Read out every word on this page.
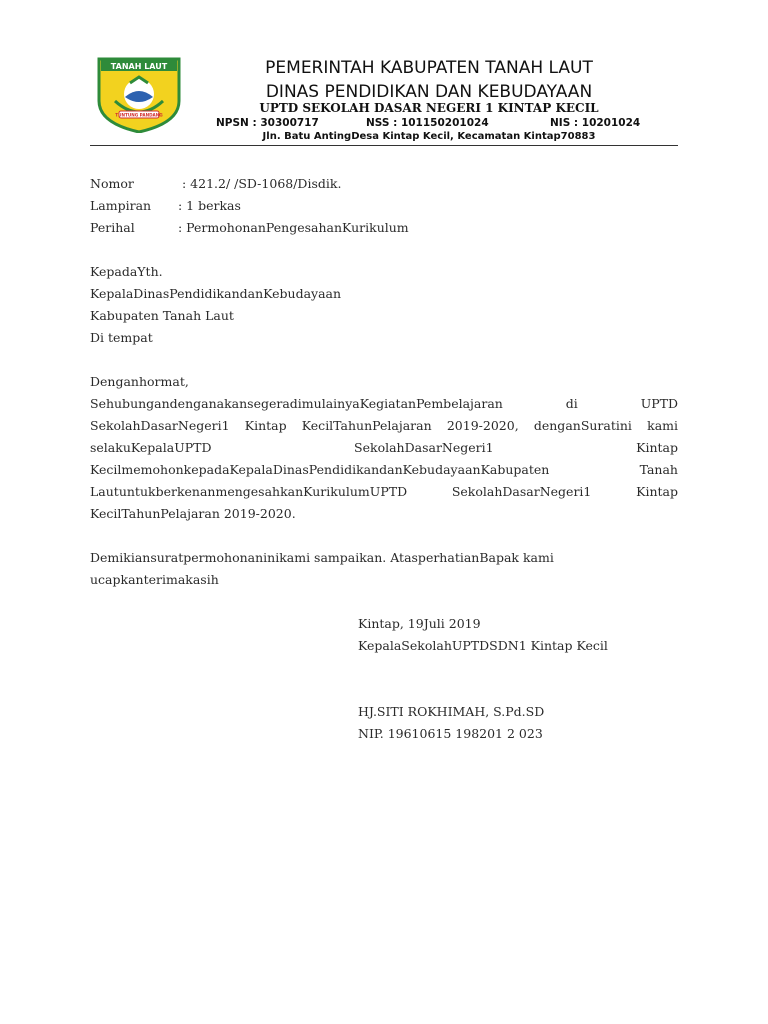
TANAH LAUT
TUNTUNG PANDANG
PEMERINTAH KABUPATEN TANAH LAUT
DINAS PENDIDIKAN DAN KEBUDAYAAN
UPTD SEKOLAH DASAR NEGERI 1 KINTAP KECIL
NPSN : 30300717	NSS : 101150201024	NIS : 10201024
Jln. Batu AntingDesa Kintap Kecil, Kecamatan Kintap70883
Nomor	: 421.2/ /SD-1068/Disdik.
Lampiran	: 1 berkas
Perihal	: PermohonanPengesahanKurikulum
KepadaYth.
KepalaDinasPendidikandanKebudayaan
Kabupaten Tanah Laut
Di tempat
Denganhormat,
SehubungandenganakansegeradimulainyaKegiatanPembelajaran di UPTD
SekolahDasarNegeri1 Kintap KecilTahunPelajaran 2019-2020, denganSuratini kami
selakuKepalaUPTD SekolahDasarNegeri1 Kintap
KecilmemohonkepadaKepalaDinasPendidikandanKebudayaanKabupaten Tanah
LautuntukberkenanmengesahkanKurikulumUPTD SekolahDasarNegeri1 Kintap
KecilTahunPelajaran 2019-2020.
Demikiansuratpermohonaninikami sampaikan. AtasperhatianBapak kami
ucapkanterimakasih
Kintap, 19Juli 2019
KepalaSekolahUPTDSDN1 Kintap Kecil
HJ.SITI ROKHIMAH, S.Pd.SD
NIP. 19610615 198201 2 023
